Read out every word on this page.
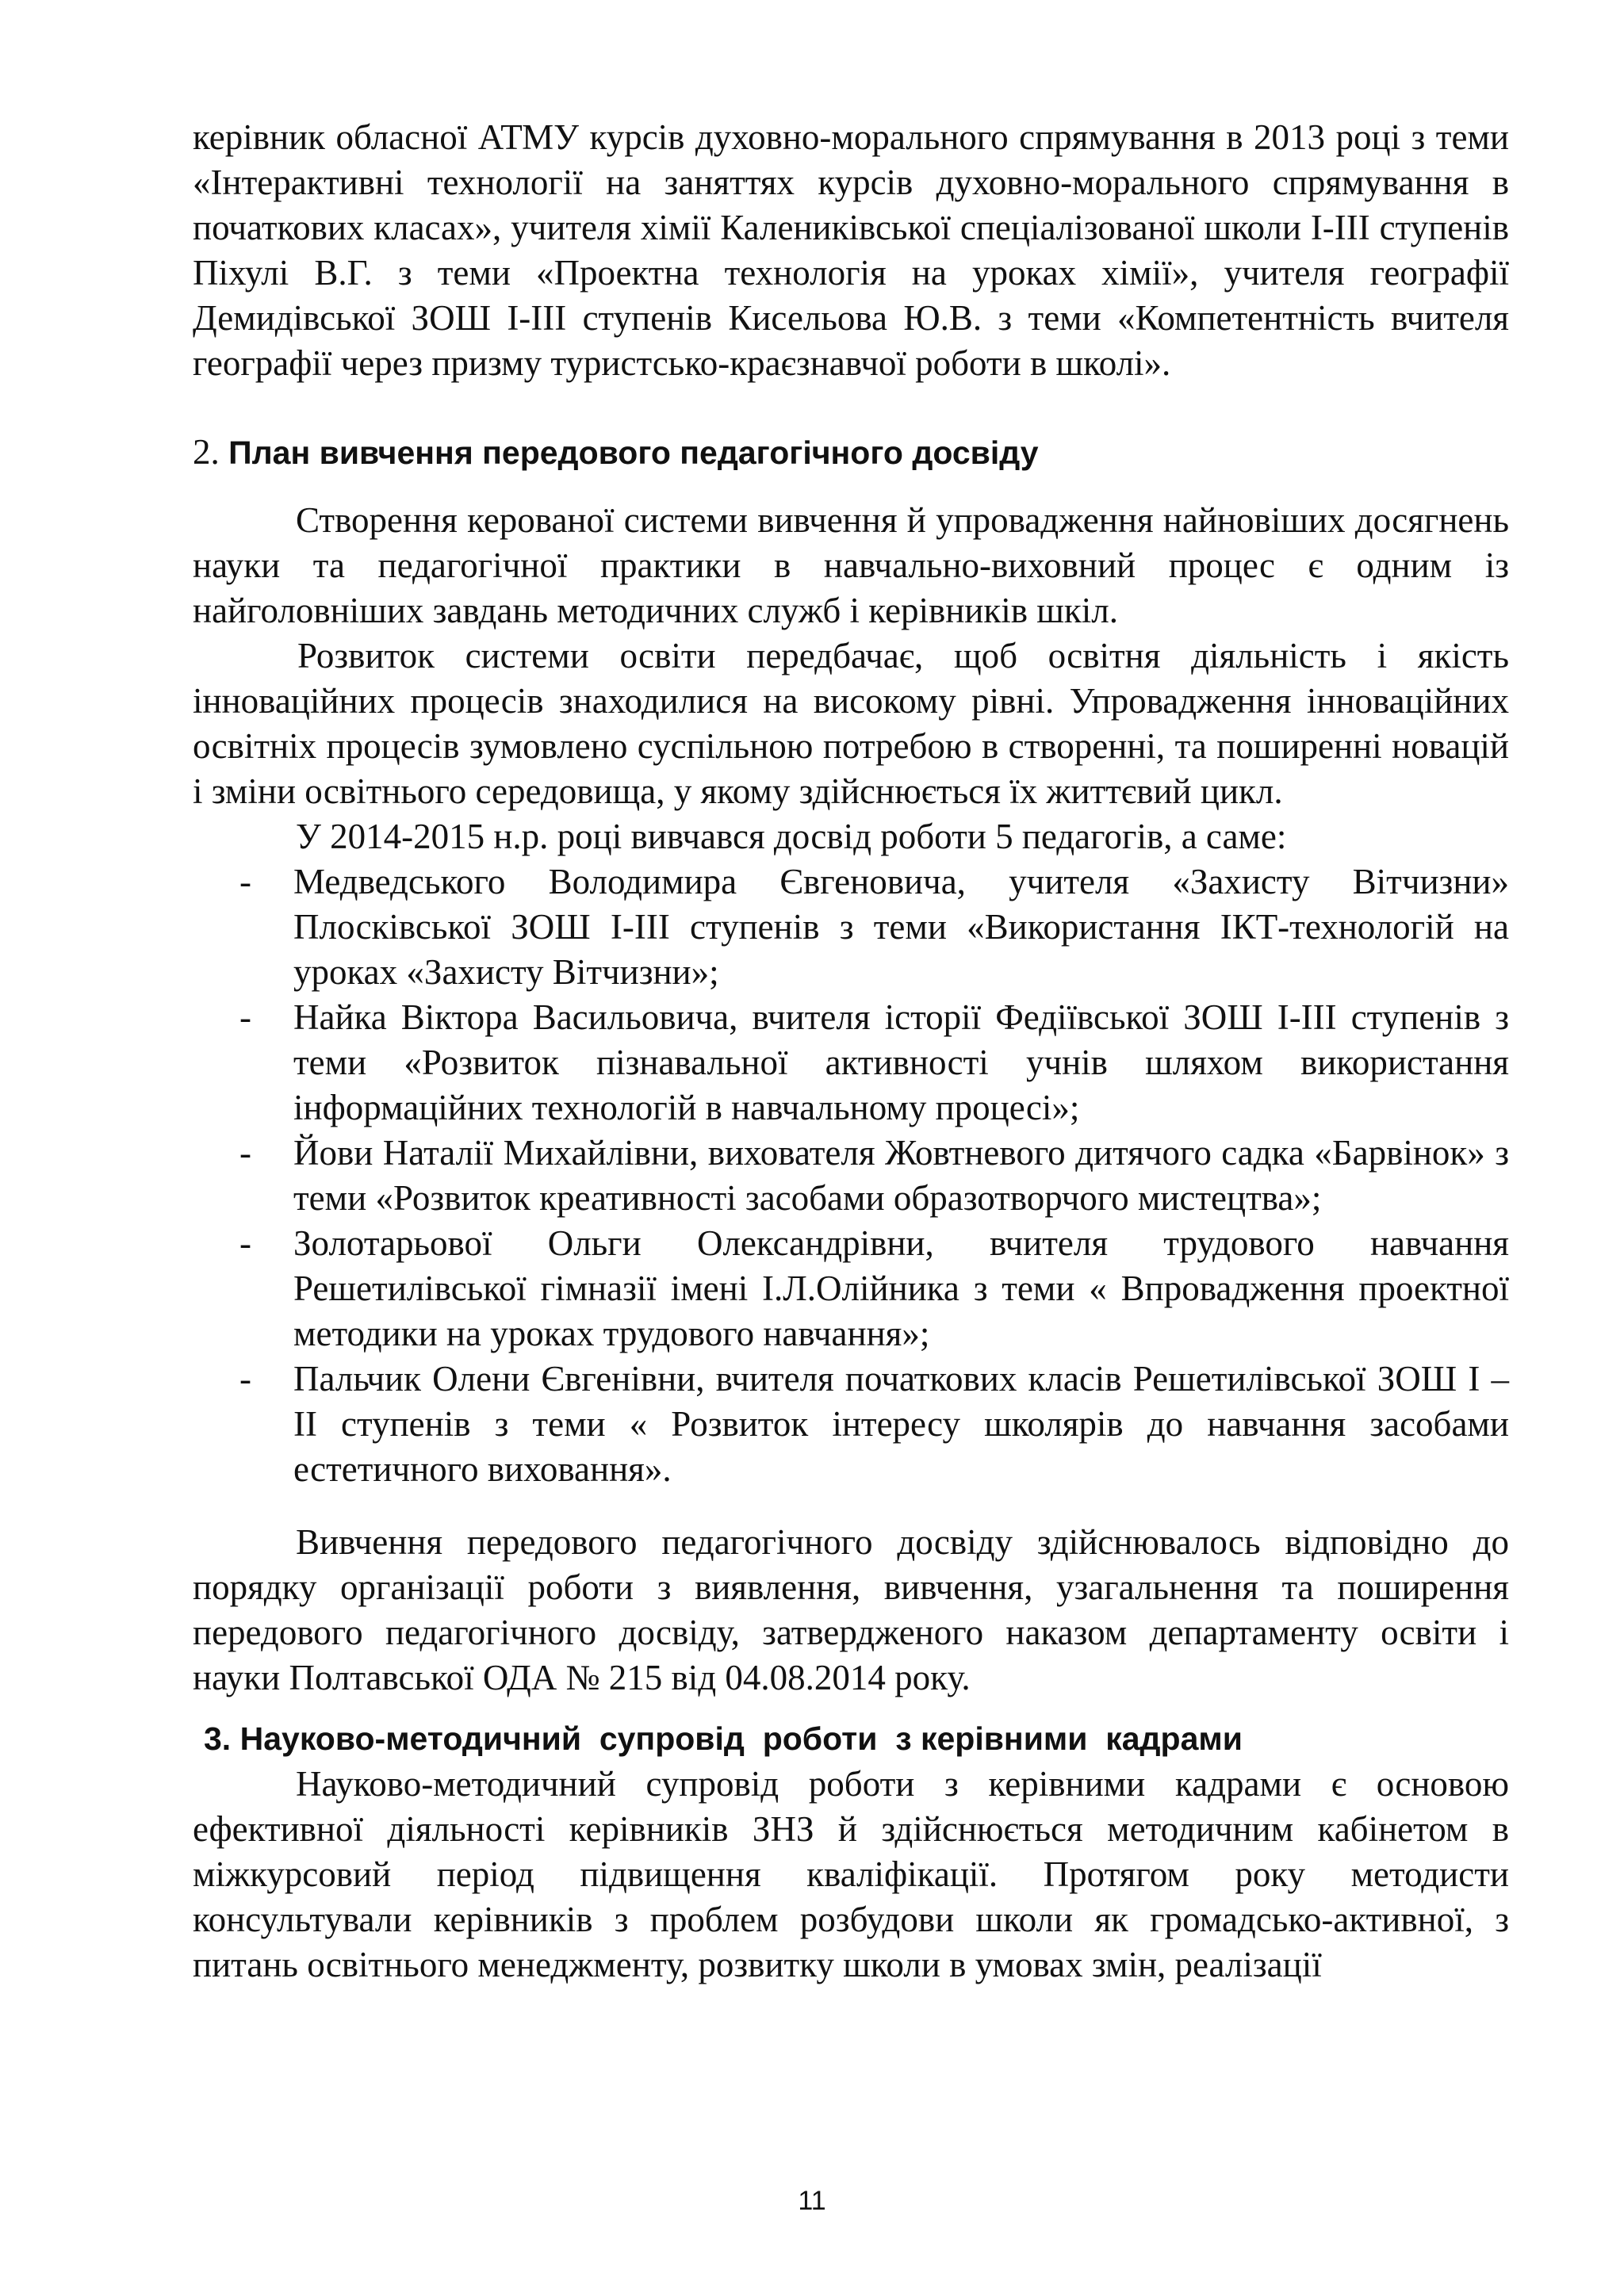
керівник обласної АТМУ курсів духовно-морального спрямування в 2013 році з теми «Інтерактивні технології на заняттях курсів духовно-морального спрямування в початкових класах», учителя хімії Калениківської спеціалізованої школи І-ІІІ ступенів Піхулі В.Г. з теми «Проектна технологія на уроках хімії», учителя географії Демидівської ЗОШ І-ІІІ ступенів Кисельова Ю.В. з теми «Компетентність вчителя географії через призму туристсько-краєзнавчої роботи в школі».

2. План вивчення передового педагогічного досвіду

Створення керованої системи вивчення й упровадження найновіших досягнень науки та педагогічної практики в навчально-виховний процес є одним із найголовніших завдань методичних служб і керівників шкіл.

Розвиток системи освіти передбачає, щоб освітня діяльність і якість інноваційних процесів знаходилися на високому рівні. Упровадження інноваційних освітніх процесів зумовлено суспільною потребою в створенні, та поширенні новацій і зміни освітнього середовища, у якому здійснюється їх життєвий цикл.

У 2014-2015 н.р. році вивчався досвід роботи 5 педагогів, а саме:

- Медведського Володимира Євгеновича, учителя «Захисту Вітчизни» Плосківської ЗОШ І-ІІІ ступенів з теми «Використання ІКТ-технологій на уроках «Захисту Вітчизни»;
- Найка Віктора Васильовича, вчителя історії Федіївської ЗОШ І-ІІІ ступенів з теми «Розвиток пізнавальної активності учнів шляхом використання інформаційних технологій в навчальному процесі»;
- Йови Наталії Михайлівни, вихователя Жовтневого дитячого садка «Барвінок» з теми «Розвиток креативності засобами образотворчого мистецтва»;
- Золотарьової Ольги Олександрівни, вчителя трудового навчання Решетилівської гімназії імені І.Л.Олійника з теми « Впровадження проектної методики на уроках трудового навчання»;
- Пальчик Олени Євгенівни, вчителя початкових класів Решетилівської ЗОШ І –ІІ ступенів з теми « Розвиток інтересу школярів до навчання засобами естетичного виховання».

Вивчення передового педагогічного досвіду здійснювалось відповідно до порядку організації роботи з виявлення, вивчення, узагальнення та поширення передового педагогічного досвіду, затвердженого наказом департаменту освіти і науки Полтавської ОДА № 215 від 04.08.2014 року.

3. Науково-методичний  супровід  роботи  з керівними  кадрами

Науково-методичний супровід роботи з керівними кадрами є основою ефективної діяльності керівників ЗНЗ й здійснюється методичним кабінетом в міжкурсовий період підвищення кваліфікації. Протягом року методисти консультували керівників з проблем розбудови школи як громадсько-активної, з питань освітнього менеджменту, розвитку школи в умовах змін, реалізації

11
